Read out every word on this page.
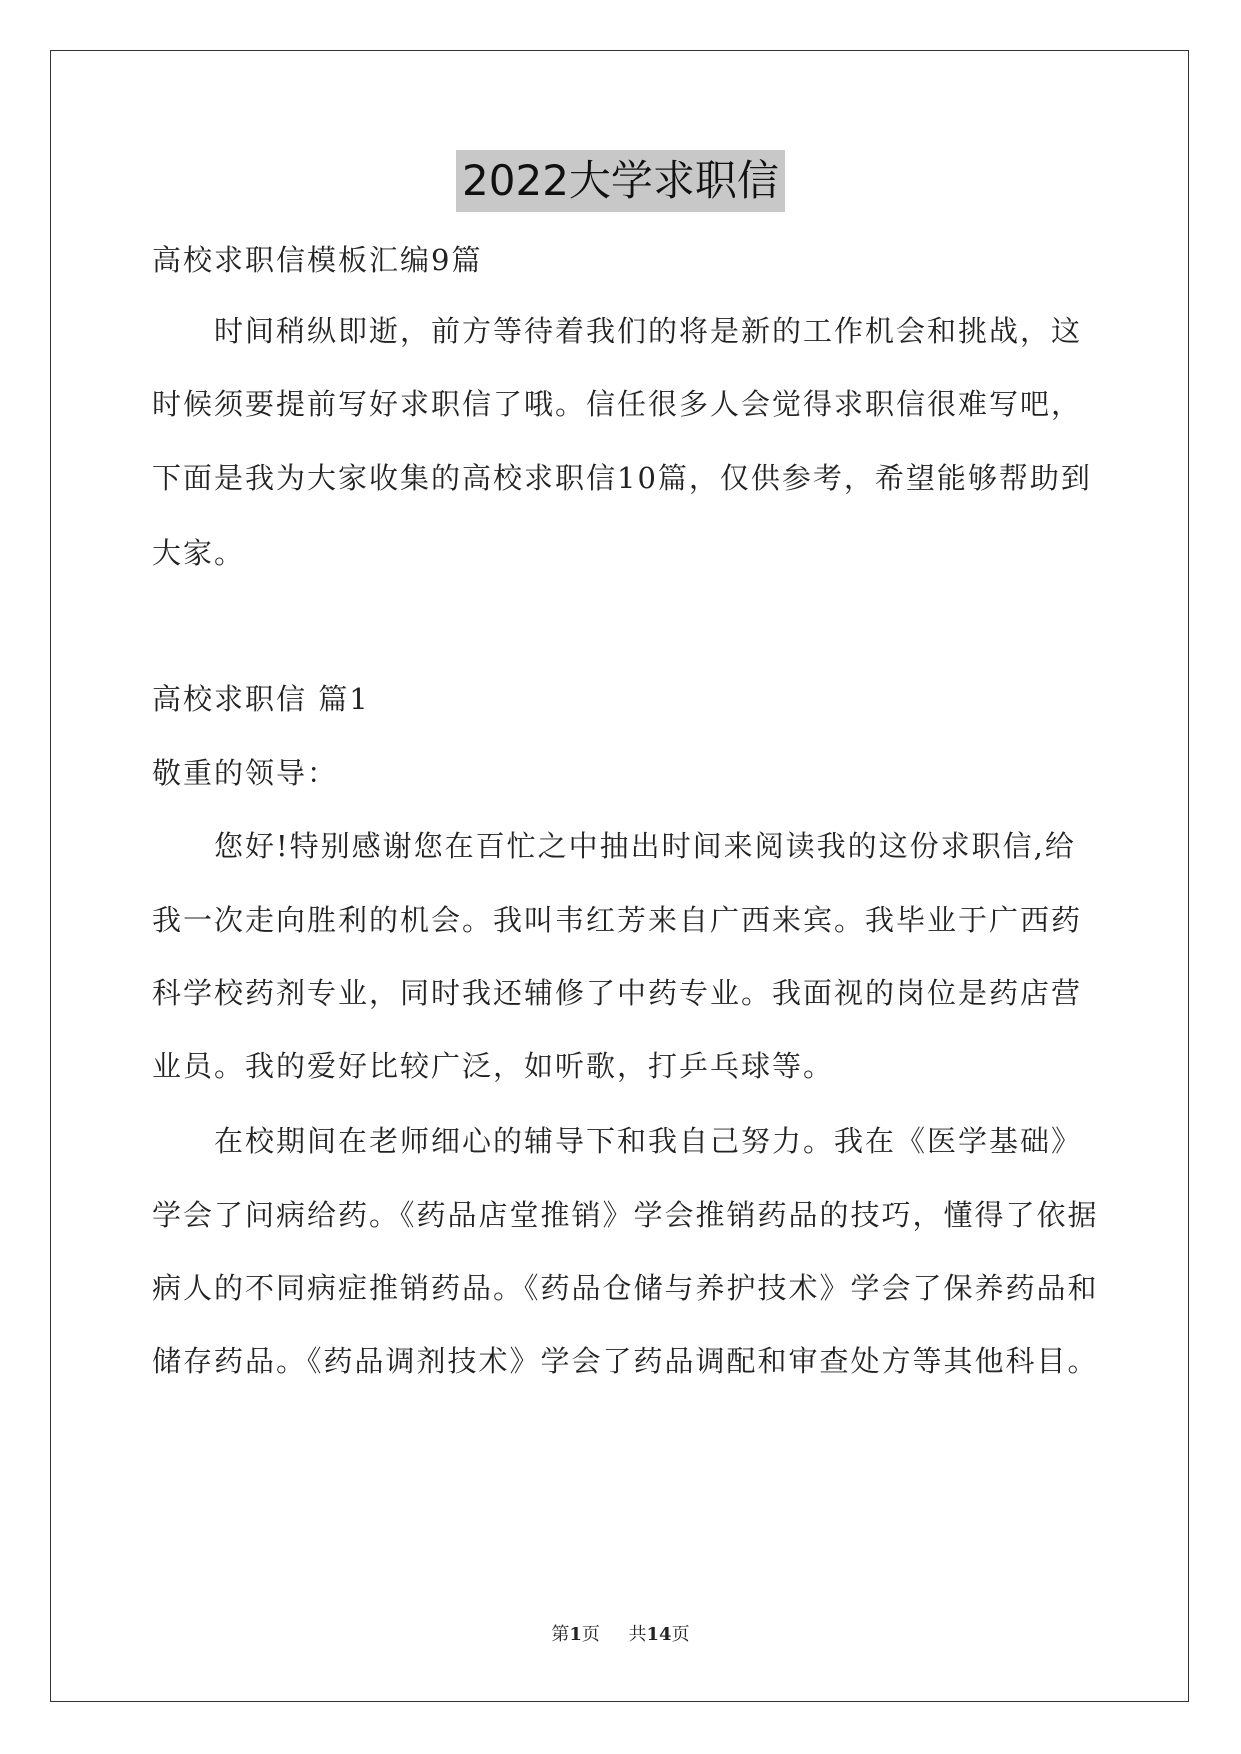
2022大学求职信
高校求职信模板汇编9篇
时间稍纵即逝，前方等待着我们的将是新的工作机会和挑战，这
时候须要提前写好求职信了哦。信任很多人会觉得求职信很难写吧，
下面是我为大家收集的高校求职信10篇，仅供参考，希望能够帮助到
大家。
高校求职信 篇1
敬重的领导：
您好!特别感谢您在百忙之中抽出时间来阅读我的这份求职信,给
我一次走向胜利的机会。我叫韦红芳来自广西来宾。我毕业于广西药
科学校药剂专业，同时我还辅修了中药专业。我面视的岗位是药店营
业员。我的爱好比较广泛，如听歌，打乒乓球等。
在校期间在老师细心的辅导下和我自己努力。我在《医学基础》
学会了问病给药。《药品店堂推销》学会推销药品的技巧，懂得了依据
病人的不同病症推销药品。《药品仓储与养护技术》学会了保养药品和
储存药品。《药品调剂技术》学会了药品调配和审查处方等其他科目。
第1页 共14页
